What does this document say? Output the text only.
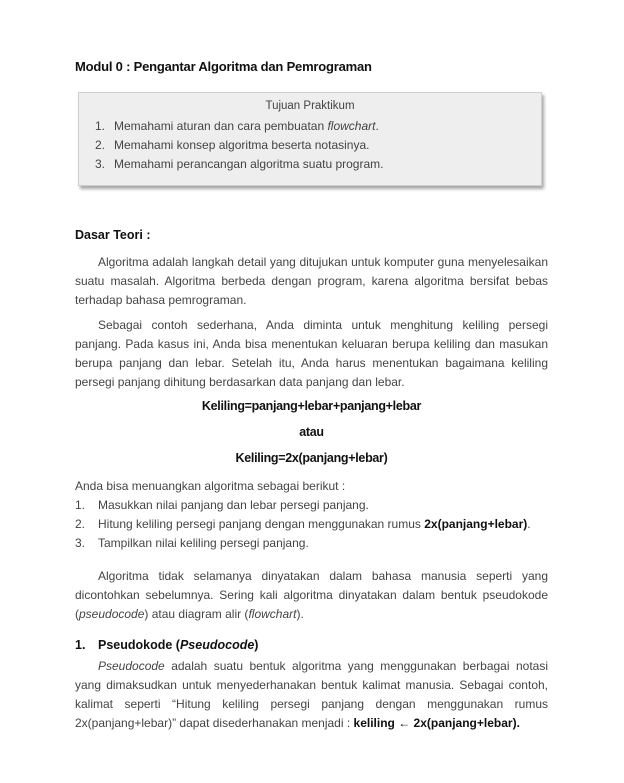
Modul 0 : Pengantar Algoritma dan Pemrograman
Tujuan Praktikum
1. Memahami aturan dan cara pembuatan flowchart.
2. Memahami konsep algoritma beserta notasinya.
3. Memahami perancangan algoritma suatu program.
Dasar Teori :
Algoritma adalah langkah detail yang ditujukan untuk komputer guna menyelesaikan suatu masalah. Algoritma berbeda dengan program, karena algoritma bersifat bebas terhadap bahasa pemrograman.
Sebagai contoh sederhana, Anda diminta untuk menghitung keliling persegi panjang. Pada kasus ini, Anda bisa menentukan keluaran berupa keliling dan masukan berupa panjang dan lebar. Setelah itu, Anda harus menentukan bagaimana keliling persegi panjang dihitung berdasarkan data panjang dan lebar.
Keliling=panjang+lebar+panjang+lebar
atau
Keliling=2x(panjang+lebar)
Anda bisa menuangkan algoritma sebagai berikut :
1. Masukkan nilai panjang dan lebar persegi panjang.
2. Hitung keliling persegi panjang dengan menggunakan rumus 2x(panjang+lebar).
3. Tampilkan nilai keliling persegi panjang.
Algoritma tidak selamanya dinyatakan dalam bahasa manusia seperti yang dicontohkan sebelumnya. Sering kali algoritma dinyatakan dalam bentuk pseudokode (pseudocode) atau diagram alir (flowchart).
1. Pseudokode (Pseudocode)
Pseudocode adalah suatu bentuk algoritma yang menggunakan berbagai notasi yang dimaksudkan untuk menyederhanakan bentuk kalimat manusia. Sebagai contoh, kalimat seperti “Hitung keliling persegi panjang dengan menggunakan rumus 2x(panjang+lebar)” dapat disederhanakan menjadi : keliling ← 2x(panjang+lebar).
